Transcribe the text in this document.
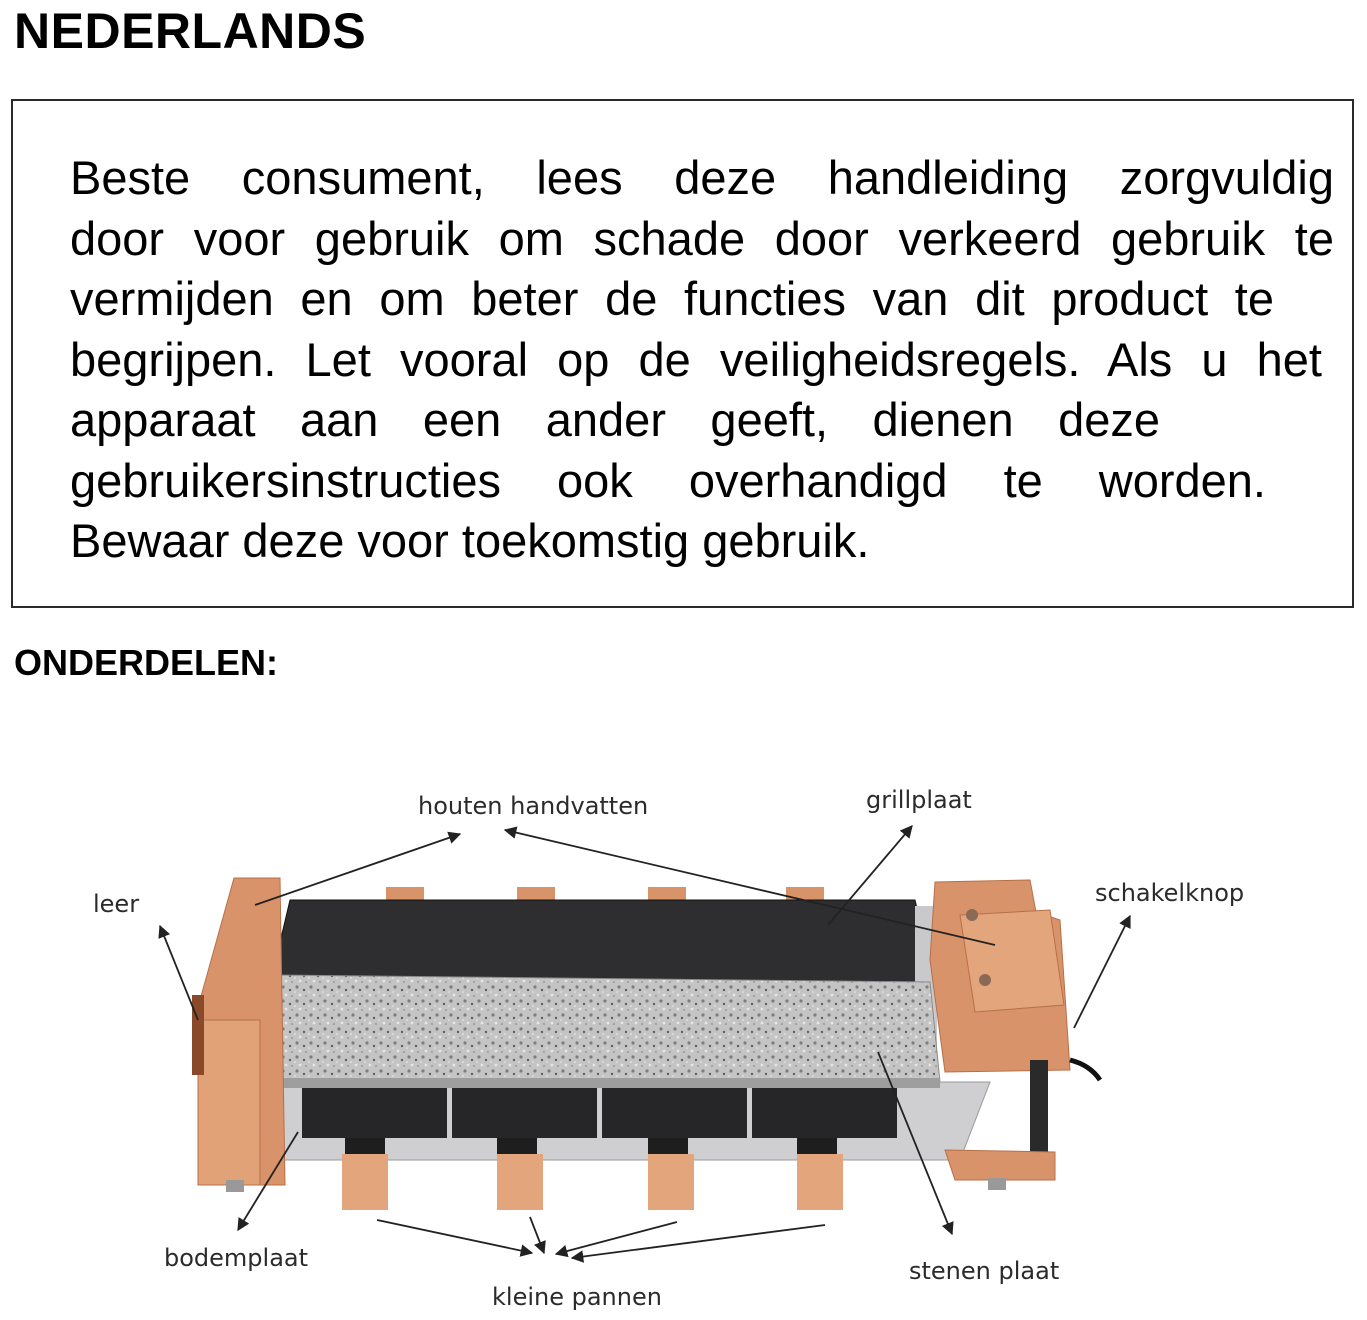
NEDERLANDS

Beste consument, lees deze handleiding zorgvuldig
door voor gebruik om schade door verkeerd gebruik te
vermijden en om beter de functies van dit product te
begrijpen. Let vooral op de veiligheidsregels. Als u het
apparaat aan een ander geeft, dienen deze
gebruikersinstructies ook overhandigd te worden.
Bewaar deze voor toekomstig gebruik.

ONDERDELEN:
houten handvatten	grillplaat
leer	schakelknop
bodemplaat	stenen plaat
kleine pannen
